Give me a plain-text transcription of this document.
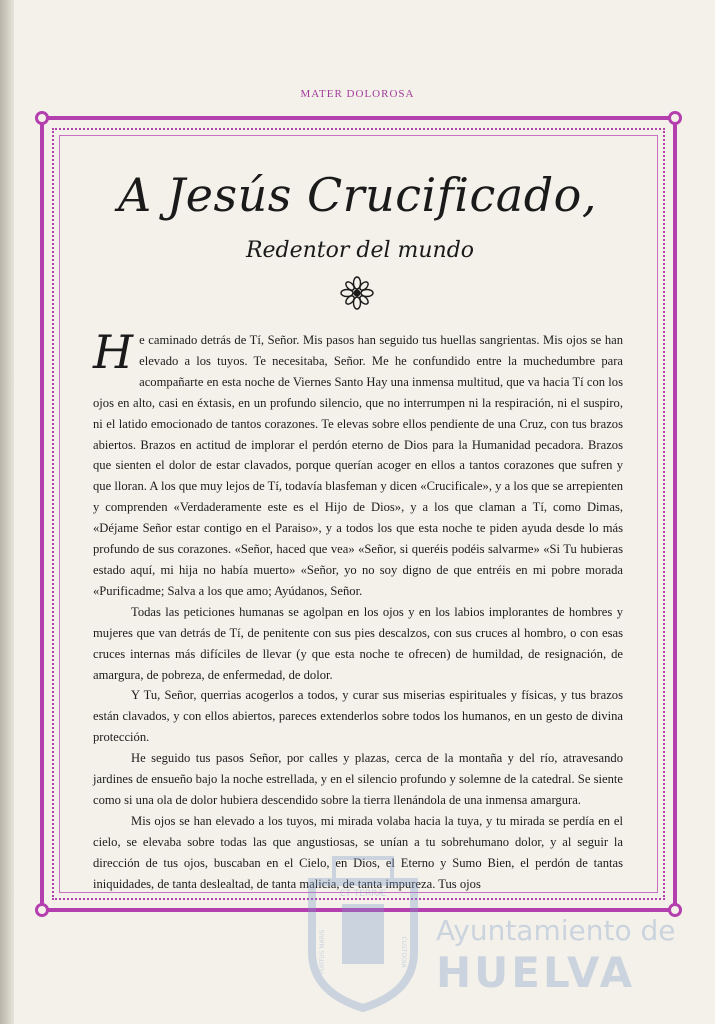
MATER DOLOROSA
A Jesús Crucificado,
Redentor del mundo

He caminado detrás de Tí, Señor. Mis pasos han seguido tus huellas sangrientas. Mis ojos se han elevado a los tuyos. Te necesitaba, Señor. Me he confundido entre la muchedumbre para acompañarte en esta noche de Viernes Santo Hay una inmensa multitud, que va hacia Tí con los ojos en alto, casi en éxtasis, en un profundo silencio, que no interrumpen ni la respiración, ni el suspiro, ni el latido emocionado de tantos corazones. Te elevas sobre ellos pendiente de una Cruz, con tus brazos abiertos. Brazos en actitud de implorar el perdón eterno de Dios para la Humanidad pecadora. Brazos que sienten el dolor de estar clavados, porque querían acoger en ellos a tantos corazones que sufren y que lloran. A los que muy lejos de Tí, todavía blasfeman y dicen «Crucificale», y a los que se arrepienten y comprenden «Verdaderamente este es el Hijo de Dios», y a los que claman a Tí, como Dimas, «Déjame Señor estar contigo en el Paraiso», y a todos los que esta noche te piden ayuda desde lo más profundo de sus corazones. «Señor, haced que vea» «Señor, si queréis podéis salvarme» «Si Tu hubieras estado aquí, mi hija no había muerto» «Señor, yo no soy digno de que entréis en mi pobre morada «Purificadme; Salva a los que amo; Ayúdanos, Señor.

Todas las peticiones humanas se agolpan en los ojos y en los labios implorantes de hombres y mujeres que van detrás de Tí, de penitente con sus pies descalzos, con sus cruces al hombro, o con esas cruces internas más difíciles de llevar (y que esta noche te ofrecen) de humildad, de resignación, de amargura, de pobreza, de enfermedad, de dolor.

Y Tu, Señor, querrias acogerlos a todos, y curar sus miserias espirituales y físicas, y tus brazos están clavados, y con ellos abiertos, pareces extenderlos sobre todos los humanos, en un gesto de divina protección.

He seguido tus pasos Señor, por calles y plazas, cerca de la montaña y del río, atravesando jardines de ensueño bajo la noche estrellada, y en el silencio profundo y solemne de la catedral. Se siente como si una ola de dolor hubiera descendido sobre la tierra llenándola de una inmensa amargura.

Mis ojos se han elevado a los tuyos, mi mirada volaba hacia la tuya, y tu mirada se perdía en el cielo, se elevaba sobre todas las que angustiosas, se unían a tu sobrehumano dolor, y al seguir la dirección de tus ojos, buscaban en el Cielo, en Dios, el Eterno y Sumo Bien, el perdón de tantas iniquidades, de tanta deslealtad, de tanta malicia, de tanta impureza. Tus ojos

ET TERRÆ
PORTUS MARIS	CUSTODIA
Ayuntamiento de
HUELVA
